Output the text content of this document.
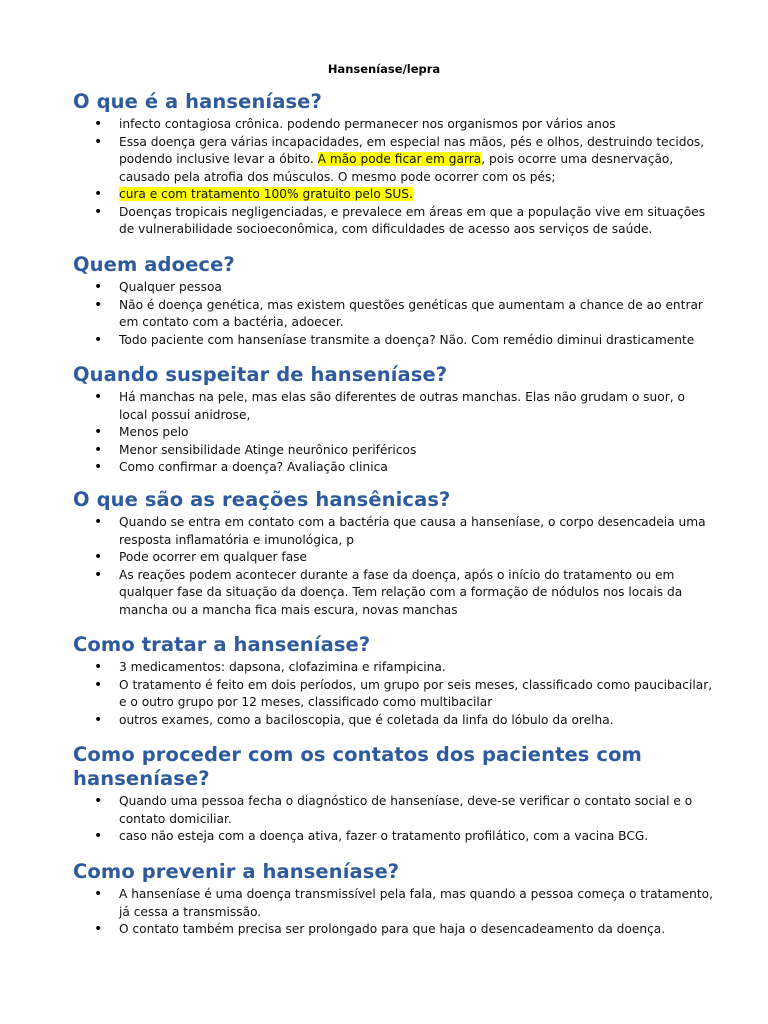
Hanseníase/lepra
O que é a hanseníase?
• infecto contagiosa crônica. podendo permanecer nos organismos por vários anos
• Essa doença gera várias incapacidades, em especial nas mãos, pés e olhos, destruindo tecidos, podendo inclusive levar a óbito. A mão pode ficar em garra, pois ocorre uma desnervação, causado pela atrofia dos músculos. O mesmo pode ocorrer com os pés;
• cura e com tratamento 100% gratuito pelo SUS.
• Doenças tropicais negligenciadas, e prevalece em áreas em que a população vive em situações de vulnerabilidade socioeconômica, com dificuldades de acesso aos serviços de saúde.
Quem adoece?
• Qualquer pessoa
• Não é doença genética, mas existem questões genéticas que aumentam a chance de ao entrar em contato com a bactéria, adoecer.
• Todo paciente com hanseníase transmite a doença? Não. Com remédio diminui drasticamente
Quando suspeitar de hanseníase?
• Há manchas na pele, mas elas são diferentes de outras manchas. Elas não grudam o suor, o local possui anidrose,
• Menos pelo
• Menor sensibilidade Atinge neurônico periféricos
• Como confirmar a doença? Avaliação clinica
O que são as reações hansênicas?
• Quando se entra em contato com a bactéria que causa a hanseníase, o corpo desencadeia uma resposta inflamatória e imunológica, p
• Pode ocorrer em qualquer fase
• As reações podem acontecer durante a fase da doença, após o início do tratamento ou em qualquer fase da situação da doença. Tem relação com a formação de nódulos nos locais da mancha ou a mancha fica mais escura, novas manchas
Como tratar a hanseníase?
• 3 medicamentos: dapsona, clofazimina e rifampicina.
• O tratamento é feito em dois períodos, um grupo por seis meses, classificado como paucibacilar, e o outro grupo por 12 meses, classificado como multibacilar
• outros exames, como a baciloscopia, que é coletada da linfa do lóbulo da orelha.
Como proceder com os contatos dos pacientes com hanseníase?
• Quando uma pessoa fecha o diagnóstico de hanseníase, deve-se verificar o contato social e o contato domiciliar.
• caso não esteja com a doença ativa, fazer o tratamento profilático, com a vacina BCG.
Como prevenir a hanseníase?
• A hanseníase é uma doença transmissível pela fala, mas quando a pessoa começa o tratamento, já cessa a transmissão.
• O contato também precisa ser prolongado para que haja o desencadeamento da doença.
